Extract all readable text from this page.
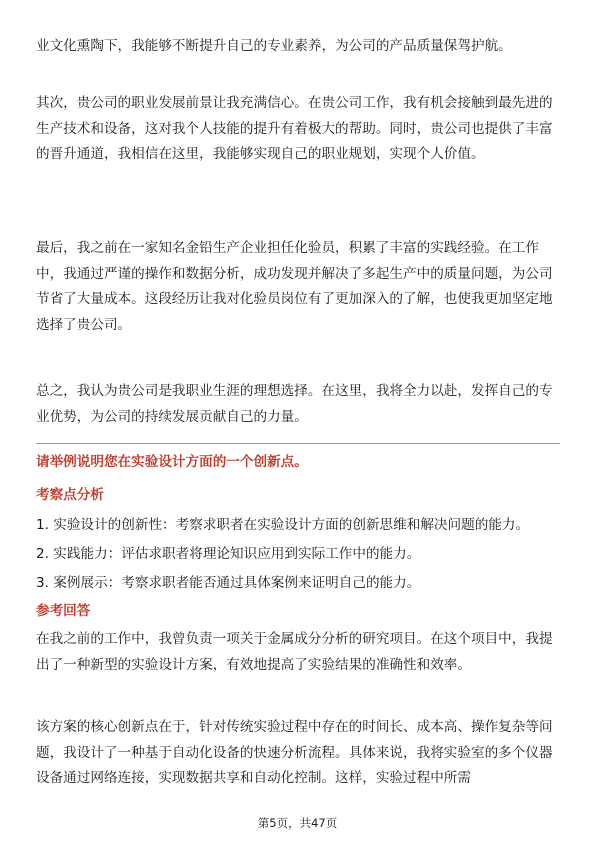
业文化熏陶下，我能够不断提升自己的专业素养，为公司的产品质量保驾护航。

其次，贵公司的职业发展前景让我充满信心。在贵公司工作，我有机会接触到最先进的生产技术和设备，这对我个人技能的提升有着极大的帮助。同时，贵公司也提供了丰富的晋升通道，我相信在这里，我能够实现自己的职业规划，实现个人价值。

最后，我之前在一家知名金铅生产企业担任化验员，积累了丰富的实践经验。在工作中，我通过严谨的操作和数据分析，成功发现并解决了多起生产中的质量问题，为公司节省了大量成本。这段经历让我对化验员岗位有了更加深入的了解，也使我更加坚定地选择了贵公司。

总之，我认为贵公司是我职业生涯的理想选择。在这里，我将全力以赴，发挥自己的专业优势，为公司的持续发展贡献自己的力量。

请举例说明您在实验设计方面的一个创新点。

考察点分析

1. 实验设计的创新性：考察求职者在实验设计方面的创新思维和解决问题的能力。
2. 实践能力：评估求职者将理论知识应用到实际工作中的能力。
3. 案例展示：考察求职者能否通过具体案例来证明自己的能力。

参考回答

在我之前的工作中，我曾负责一项关于金属成分分析的研究项目。在这个项目中，我提出了一种新型的实验设计方案，有效地提高了实验结果的准确性和效率。

该方案的核心创新点在于，针对传统实验过程中存在的时间长、成本高、操作复杂等问题，我设计了一种基于自动化设备的快速分析流程。具体来说，我将实验室的多个仪器设备通过网络连接，实现数据共享和自动化控制。这样，实验过程中所需

第5页，共47页
